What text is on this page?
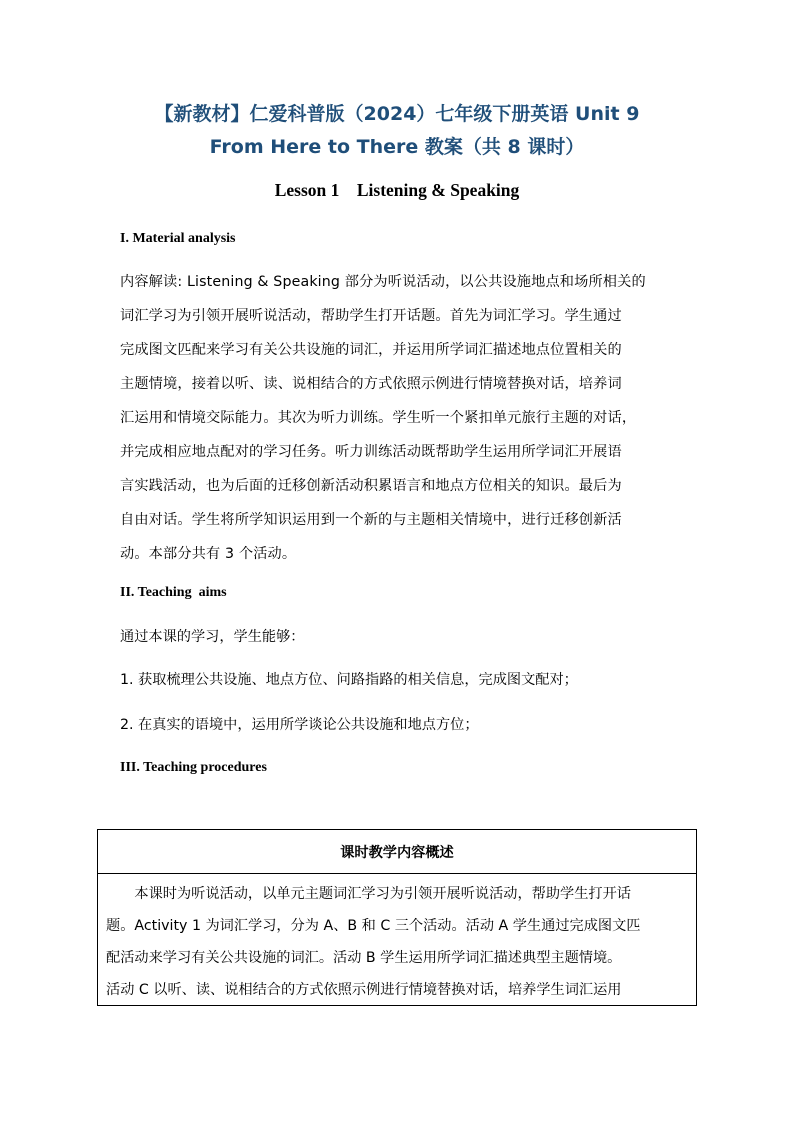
【新教材】仁爱科普版（2024）七年级下册英语 Unit 9
From Here to There 教案（共 8 课时）
Lesson 1    Listening & Speaking
I. Material analysis
内容解读: Listening & Speaking 部分为听说活动，以公共设施地点和场所相关的
词汇学习为引领开展听说活动，帮助学生打开话题。首先为词汇学习。学生通过
完成图文匹配来学习有关公共设施的词汇，并运用所学词汇描述地点位置相关的
主题情境，接着以听、读、说相结合的方式依照示例进行情境替换对话，培养词
汇运用和情境交际能力。其次为听力训练。学生听一个紧扣单元旅行主题的对话，
并完成相应地点配对的学习任务。听力训练活动既帮助学生运用所学词汇开展语
言实践活动，也为后面的迁移创新活动积累语言和地点方位相关的知识。最后为
自由对话。学生将所学知识运用到一个新的与主题相关情境中，进行迁移创新活
动。本部分共有 3 个活动。
II. Teaching  aims
通过本课的学习，学生能够：
1. 获取梳理公共设施、地点方位、问路指路的相关信息，完成图文配对；
2. 在真实的语境中，运用所学谈论公共设施和地点方位；
III. Teaching procedures
课时教学内容概述
　　本课时为听说活动，以单元主题词汇学习为引领开展听说活动，帮助学生打开话
题。Activity 1 为词汇学习，分为 A、B 和 C 三个活动。活动 A 学生通过完成图文匹
配活动来学习有关公共设施的词汇。活动 B 学生运用所学词汇描述典型主题情境。
活动 C 以听、读、说相结合的方式依照示例进行情境替换对话，培养学生词汇运用
